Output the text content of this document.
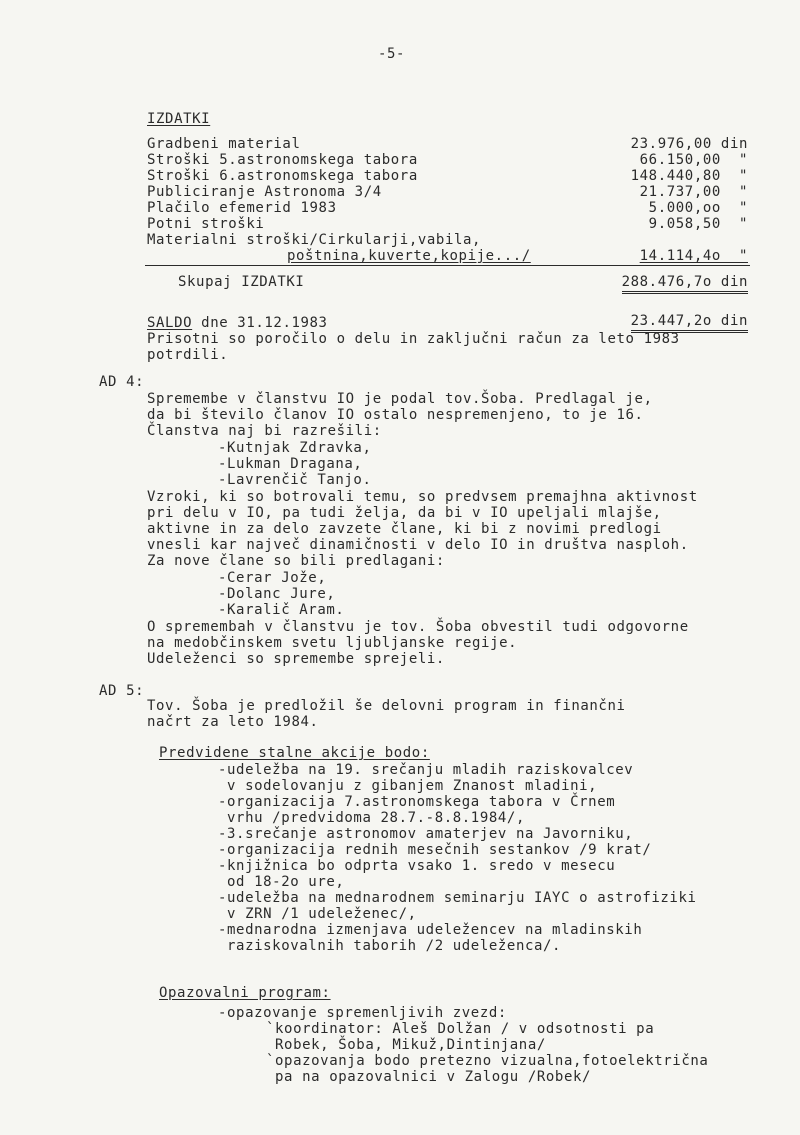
-5-
IZDATKI
Gradbeni material	23.976,00 din
Stroški 5.astronomskega tabora	66.150,00  "
Stroški 6.astronomskega tabora	148.440,80  "
Publiciranje Astronoma 3/4	21.737,00  "
Plačilo efemerid 1983	5.000,oo  "
Potni stroški	9.058,50  "
Materialni stroški/Cirkularji,vabila,
poštnina,kuverte,kopije.../	14.114,4o  "
Skupaj IZDATKI	288.476,7o din
SALDO dne 31.12.1983	23.447,2o din
Prisotni so poročilo o delu in zaključni račun za leto 1983
potrdili.
AD 4:
Spremembe v članstvu IO je podal tov.Šoba. Predlagal je,
da bi število članov IO ostalo nespremenjeno, to je 16.
Članstva naj bi razrešili:
-Kutnjak Zdravka,
-Lukman Dragana,
-Lavrenčič Tanjo.
Vzroki, ki so botrovali temu, so predvsem premajhna aktivnost
pri delu v IO, pa tudi želja, da bi v IO upeljali mlajše,
aktivne in za delo zavzete člane, ki bi z novimi predlogi
vnesli kar največ dinamičnosti v delo IO in društva nasploh.
Za nove člane so bili predlagani:
-Cerar Jože,
-Dolanc Jure,
-Karalič Aram.
O spremembah v članstvu je tov. Šoba obvestil tudi odgovorne
na medobčinskem svetu ljubljanske regije.
Udeleženci so spremembe sprejeli.
AD 5:
Tov. Šoba je predložil še delovni program in finančni
načrt za leto 1984.
Predvidene stalne akcije bodo:
-udeležba na 19. srečanju mladih raziskovalcev
v sodelovanju z gibanjem Znanost mladini,
-organizacija 7.astronomskega tabora v Črnem
vrhu /predvidoma 28.7.-8.8.1984/,
-3.srečanje astronomov amaterjev na Javorniku,
-organizacija rednih mesečnih sestankov /9 krat/
-knjižnica bo odprta vsako 1. sredo v mesecu
od 18-2o ure,
-udeležba na mednarodnem seminarju IAYC o astrofiziki
v ZRN /1 udeleženec/,
-mednarodna izmenjava udeležencev na mladinskih
raziskovalnih taborih /2 udeleženca/.
Opazovalni program:
-opazovanje spremenljivih zvezd:
`koordinator: Aleš Dolžan / v odsotnosti pa
Robek, Šoba, Mikuž,Dintinjana/
`opazovanja bodo pretezno vizualna,fotoelektrična
pa na opazovalnici v Zalogu /Robek/
